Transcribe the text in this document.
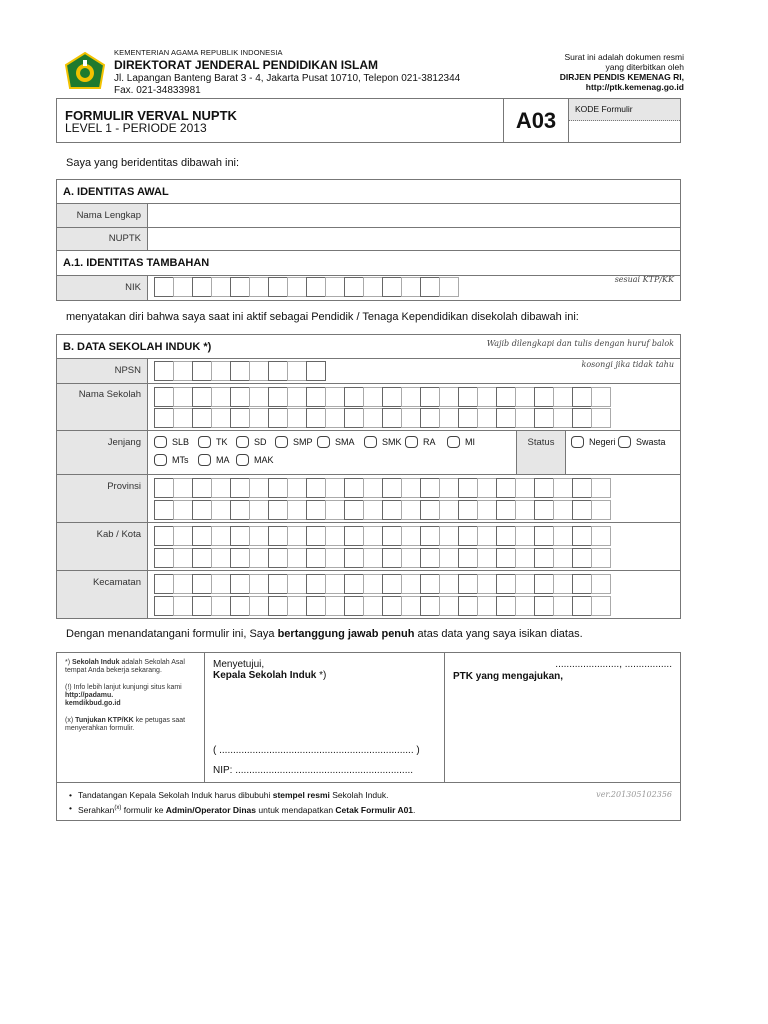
KEMENTERIAN AGAMA REPUBLIK INDONESIA
DIREKTORAT JENDERAL PENDIDIKAN ISLAM
Jl. Lapangan Banteng Barat 3 - 4, Jakarta Pusat 10710, Telepon 021-3812344
Fax. 021-34833981
Surat ini adalah dokumen resmi
yang diterbitkan oleh
DIRJEN PENDIS KEMENAG RI,
http://ptk.kemenag.go.id
FORMULIR VERVAL NUPTK
LEVEL 1 - PERIODE 2013	A03	KODE Formulir
Saya yang beridentitas dibawah ini:
A. IDENTITAS AWAL
Nama Lengkap
NUPTK
A.1. IDENTITAS TAMBAHAN
NIK
sesuai KTP/KK
menyatakan diri bahwa saya saat ini aktif sebagai Pendidik / Tenaga Kependidikan disekolah dibawah ini:
B. DATA SEKOLAH INDUK *)	Wajib dilengkapi dan tulis dengan huruf balok
NPSN
kosongi jika tidak tahu
Nama Sekolah
Jenjang	SLB	TK	SD	SMP SMA	SMK RA	MI
MTs	MA	MAK
Status	Negeri Swasta
Provinsi
Kab / Kota
Kecamatan
Dengan menandatangani formulir ini, Saya bertanggung jawab penuh atas data yang saya isikan diatas.

*) Sekolah Induk adalah Sekolah Asal tempat Anda bekerja sekarang.

(!) Info lebih lanjut kunjungi situs kami
http://padamu.
kemdikbud.go.id

(x) Tunjukan KTP/KK ke petugas saat menyerahkan formulir.

Menyetujui,
Kepala Sekolah Induk *)
( ...................................................................... )
NIP: ................................................................
......................., .................
PTK yang mengajukan,
ver.201305102356
• Tandatangan Kepala Sekolah Induk harus dibubuhi stempel resmi Sekolah Induk.
• Serahkan$^{(x)}$ formulir ke Admin/Operator Dinas untuk mendapatkan Cetak Formulir A01.
